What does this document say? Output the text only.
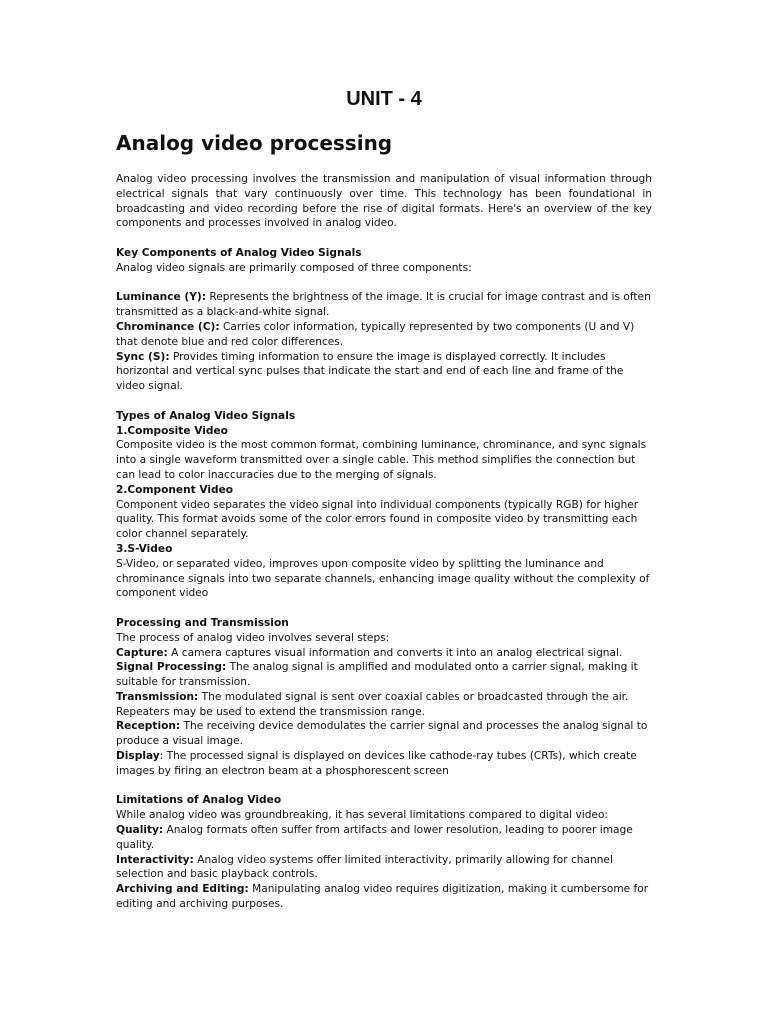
UNIT - 4
Analog video processing

Analog video processing involves the transmission and manipulation of visual information through electrical signals that vary continuously over time. This technology has been foundational in broadcasting and video recording before the rise of digital formats. Here's an overview of the key components and processes involved in analog video.

Key Components of Analog Video Signals

Analog video signals are primarily composed of three components:

Luminance (Y): Represents the brightness of the image. It is crucial for image contrast and is often transmitted as a black-and-white signal.

Chrominance (C): Carries color information, typically represented by two components (U and V) that denote blue and red color differences.

Sync (S): Provides timing information to ensure the image is displayed correctly. It includes horizontal and vertical sync pulses that indicate the start and end of each line and frame of the video signal.

Types of Analog Video Signals

1.Composite Video

Composite video is the most common format, combining luminance, chrominance, and sync signals into a single waveform transmitted over a single cable. This method simplifies the connection but can lead to color inaccuracies due to the merging of signals.

2.Component Video

Component video separates the video signal into individual components (typically RGB) for higher quality. This format avoids some of the color errors found in composite video by transmitting each color channel separately.

3.S-Video

S-Video, or separated video, improves upon composite video by splitting the luminance and chrominance signals into two separate channels, enhancing image quality without the complexity of component video

Processing and Transmission

The process of analog video involves several steps:

Capture: A camera captures visual information and converts it into an analog electrical signal.

Signal Processing: The analog signal is amplified and modulated onto a carrier signal, making it suitable for transmission.

Transmission: The modulated signal is sent over coaxial cables or broadcasted through the air. Repeaters may be used to extend the transmission range.

Reception: The receiving device demodulates the carrier signal and processes the analog signal to produce a visual image.

Display: The processed signal is displayed on devices like cathode-ray tubes (CRTs), which create images by firing an electron beam at a phosphorescent screen

Limitations of Analog Video

While analog video was groundbreaking, it has several limitations compared to digital video:

Quality: Analog formats often suffer from artifacts and lower resolution, leading to poorer image quality.

Interactivity: Analog video systems offer limited interactivity, primarily allowing for channel selection and basic playback controls.

Archiving and Editing: Manipulating analog video requires digitization, making it cumbersome for editing and archiving purposes.
